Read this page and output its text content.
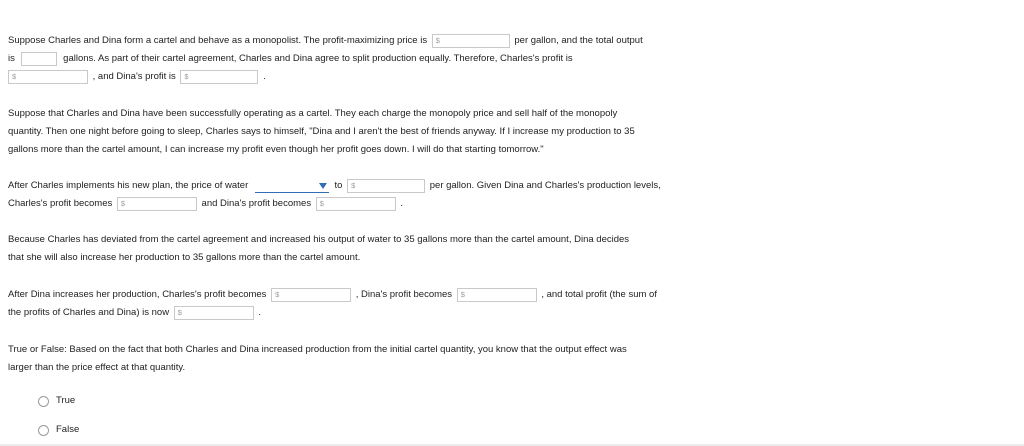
Suppose Charles and Dina form a cartel and behave as a monopolist. The profit-maximizing price is $	per gallon, and the total output
is	gallons. As part of their cartel agreement, Charles and Dina agree to split production equally. Therefore, Charles's profit is
$	, and Dina's profit is $	.
Suppose that Charles and Dina have been successfully operating as a cartel. They each charge the monopoly price and sell half of the monopoly
quantity. Then one night before going to sleep, Charles says to himself, "Dina and I aren't the best of friends anyway. If I increase my production to 35
gallons more than the cartel amount, I can increase my profit even though her profit goes down. I will do that starting tomorrow."
After Charles implements his new plan, the price of water	to $	per gallon. Given Dina and Charles's production levels,
Charles's profit becomes $	and Dina's profit becomes $	.
Because Charles has deviated from the cartel agreement and increased his output of water to 35 gallons more than the cartel amount, Dina decides
that she will also increase her production to 35 gallons more than the cartel amount.
After Dina increases her production, Charles's profit becomes $	, Dina's profit becomes $	, and total profit (the sum of
the profits of Charles and Dina) is now $	.
True or False: Based on the fact that both Charles and Dina increased production from the initial cartel quantity, you know that the output effect was
larger than the price effect at that quantity.
True
False
